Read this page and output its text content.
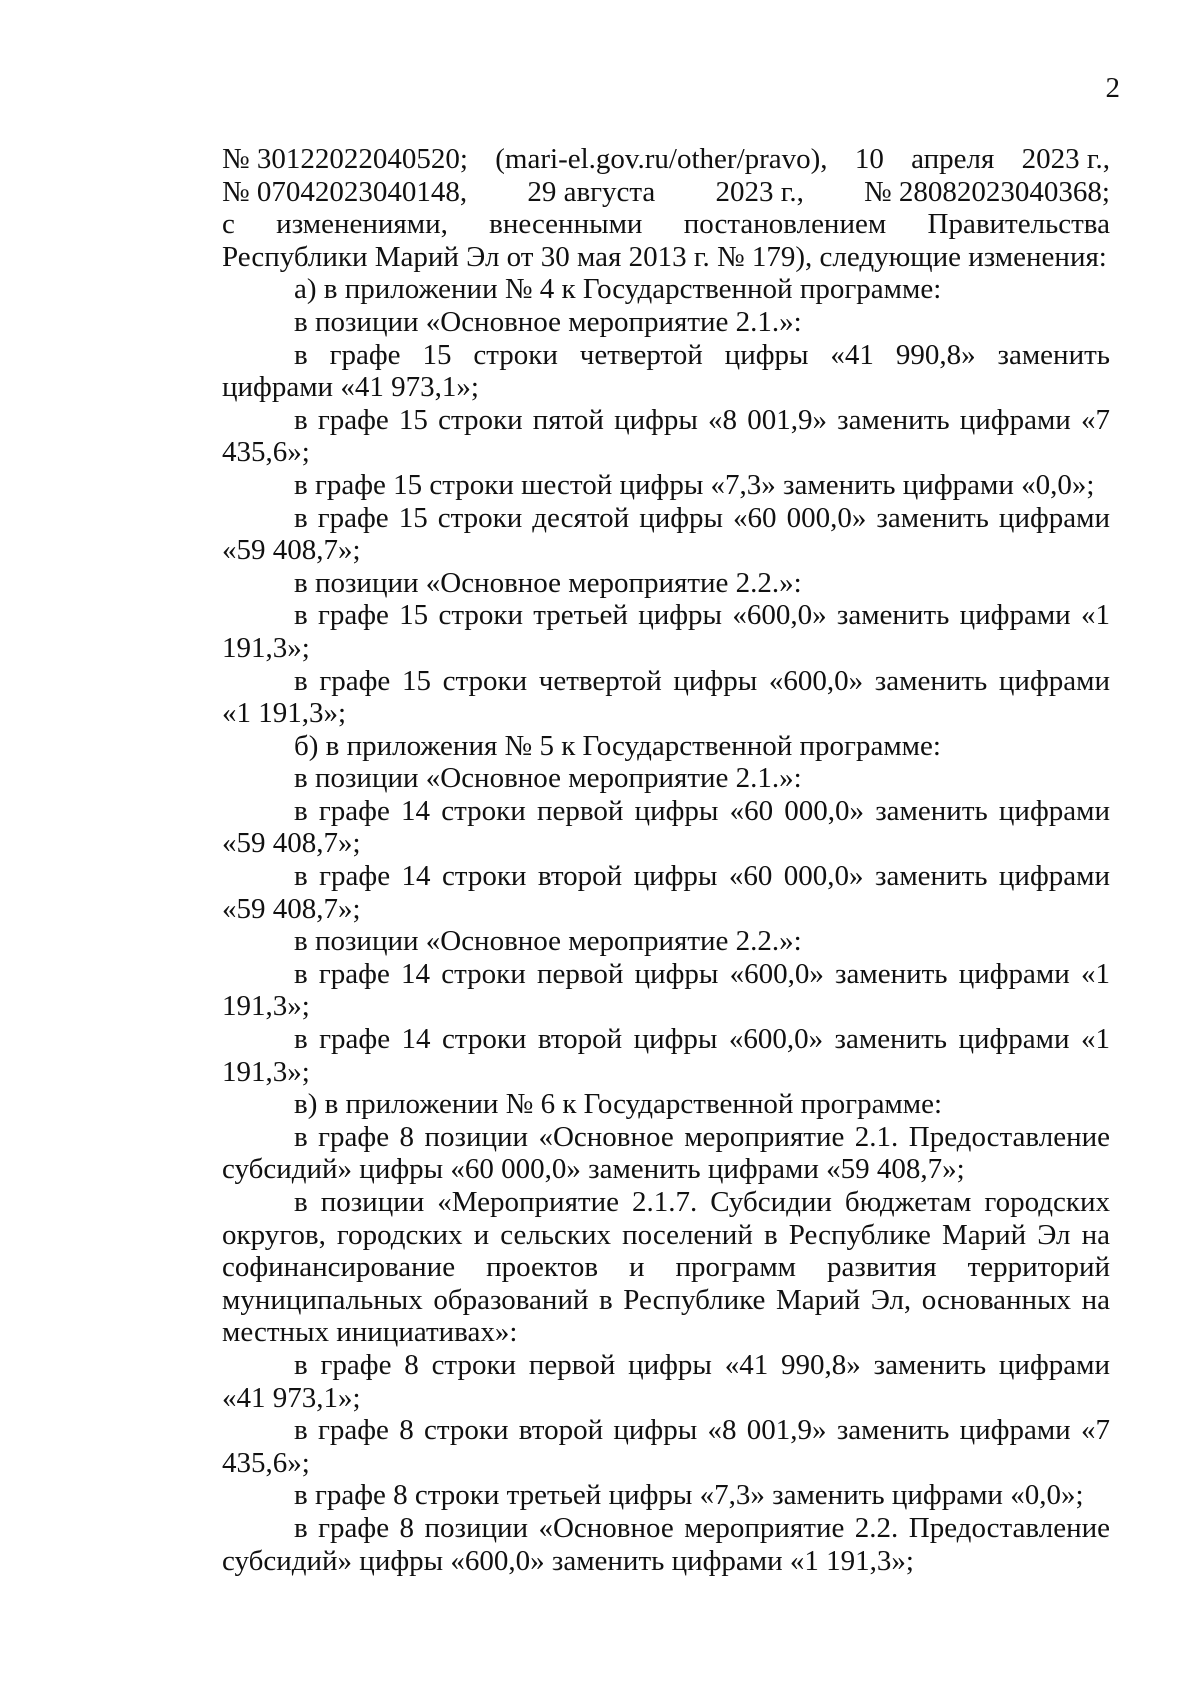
2
№ 30122022040520; (mari-el.gov.ru/other/pravo), 10 апреля 2023 г.,
№ 07042023040148, 29 августа 2023 г., № 28082023040368;

с изменениями, внесенными постановлением Правительства Республики Марий Эл от 30 мая 2013 г. № 179), следующие изменения:

а) в приложении № 4 к Государственной программе:

в позиции «Основное мероприятие 2.1.»:

в графе 15 строки четвертой цифры «41 990,8» заменить цифрами «41 973,1»;

в графе 15 строки пятой цифры «8 001,9» заменить цифрами «7 435,6»;

в графе 15 строки шестой цифры «7,3» заменить цифрами «0,0»;

в графе 15 строки десятой цифры «60 000,0» заменить цифрами «59 408,7»;

в позиции «Основное мероприятие 2.2.»:

в графе 15 строки третьей цифры «600,0» заменить цифрами «1 191,3»;

в графе 15 строки четвертой цифры «600,0» заменить цифрами «1 191,3»;

б) в приложения № 5 к Государственной программе:

в позиции «Основное мероприятие 2.1.»:

в графе 14 строки первой цифры «60 000,0» заменить цифрами «59 408,7»;

в графе 14 строки второй цифры «60 000,0» заменить цифрами «59 408,7»;

в позиции «Основное мероприятие 2.2.»:

в графе 14 строки первой цифры «600,0» заменить цифрами «1 191,3»;

в графе 14 строки второй цифры «600,0» заменить цифрами «1 191,3»;

в) в приложении № 6 к Государственной программе:

в графе 8 позиции «Основное мероприятие 2.1. Предоставление субсидий» цифры «60 000,0» заменить цифрами «59 408,7»;

в позиции «Мероприятие 2.1.7. Субсидии бюджетам городских округов, городских и сельских поселений в Республике Марий Эл на софинансирование проектов и программ развития территорий муниципальных образований в Республике Марий Эл, основанных на местных инициативах»:

в графе 8 строки первой цифры «41 990,8» заменить цифрами «41 973,1»;

в графе 8 строки второй цифры «8 001,9» заменить цифрами «7 435,6»;

в графе 8 строки третьей цифры «7,3» заменить цифрами «0,0»;

в графе 8 позиции «Основное мероприятие 2.2. Предоставление субсидий» цифры «600,0» заменить цифрами «1 191,3»;
